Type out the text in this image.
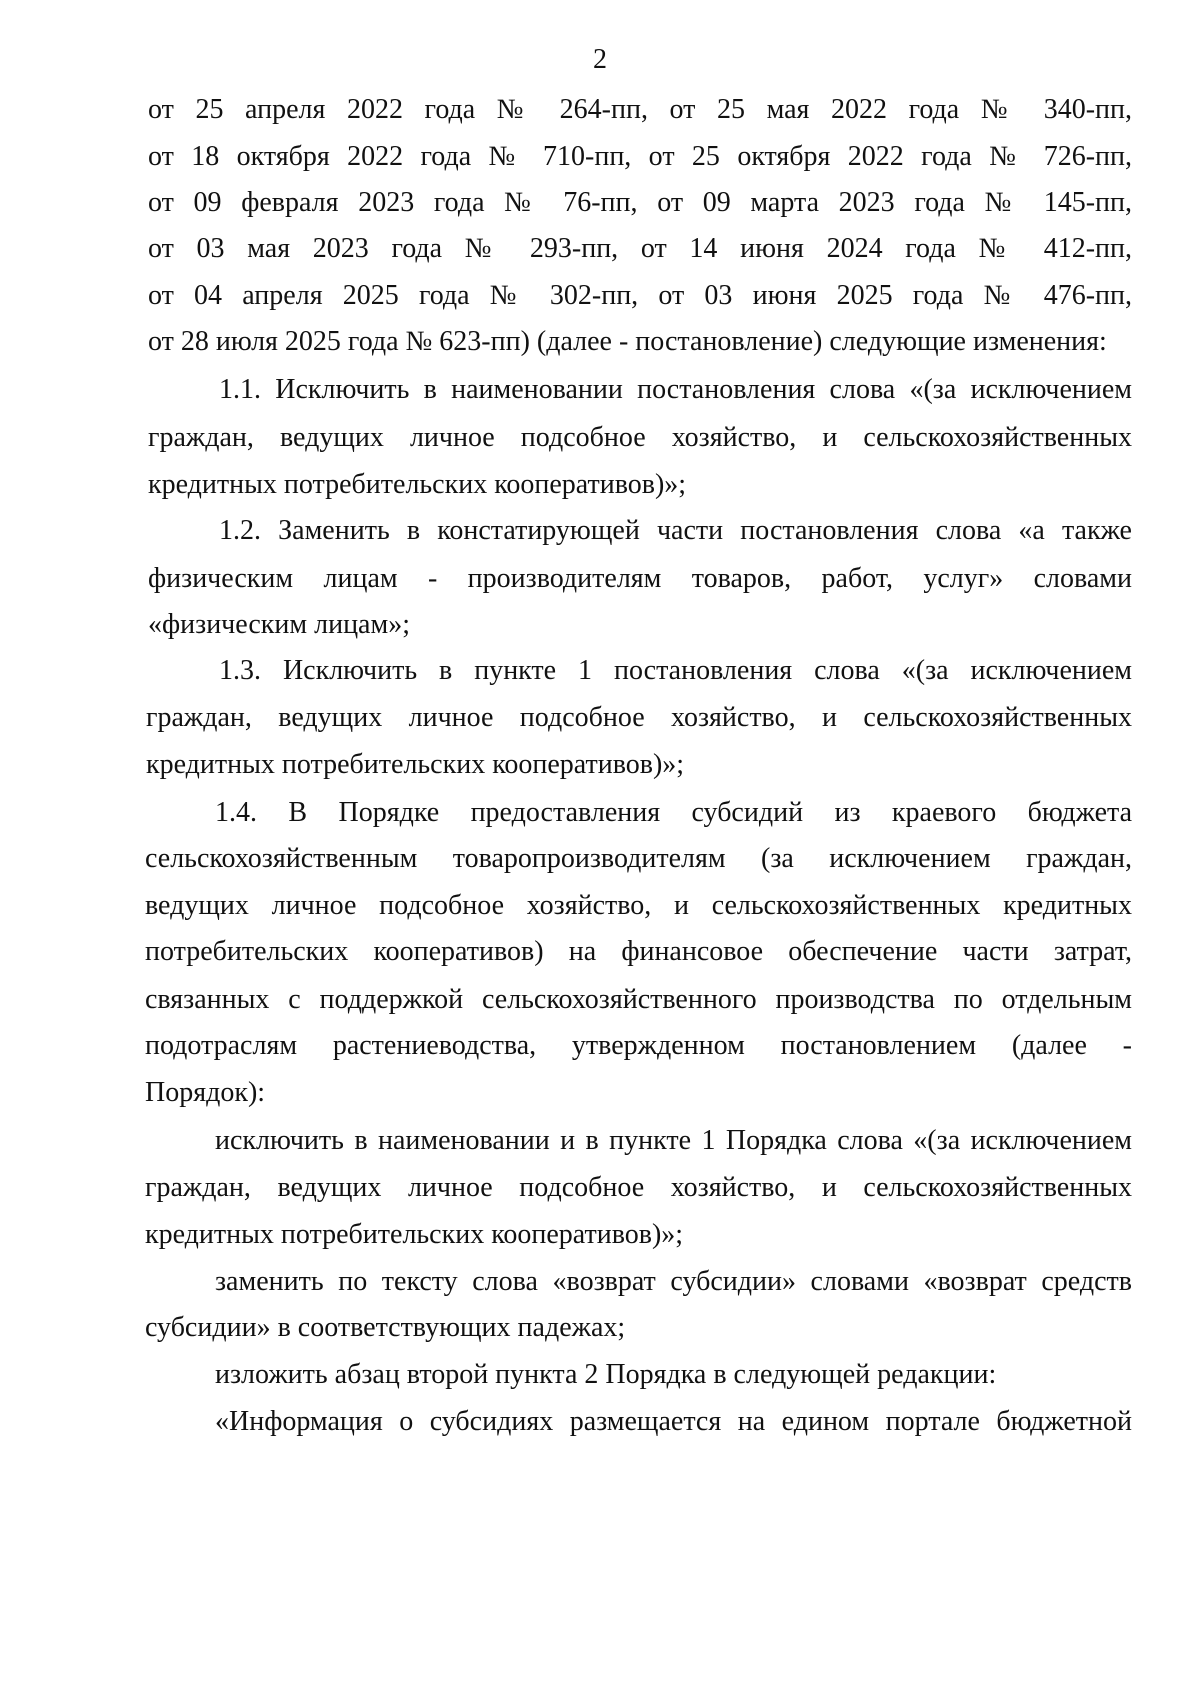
2
от 25 апреля 2022 года № 264-пп, от 25 мая 2022 года № 340-пп,
от 18 октября 2022 года № 710-пп, от 25 октября 2022 года № 726-пп,
от 09 февраля 2023 года № 76-пп, от 09 марта 2023 года № 145-пп,
от 03 мая 2023 года № 293-пп, от 14 июня 2024 года № 412-пп,
от 04 апреля 2025 года № 302-пп, от 03 июня 2025 года № 476-пп,
от 28 июля 2025 года № 623-пп) (далее - постановление) следующие изменения:
1.1. Исключить в наименовании постановления слова «(за исключением
граждан, ведущих личное подсобное хозяйство, и сельскохозяйственных
кредитных потребительских кооперативов)»;
1.2. Заменить в констатирующей части постановления слова «а также
физическим лицам - производителям товаров, работ, услуг» словами
«физическим лицам»;
1.3. Исключить в пункте 1 постановления слова «(за исключением
граждан, ведущих личное подсобное хозяйство, и сельскохозяйственных
кредитных потребительских кооперативов)»;
1.4. В Порядке предоставления субсидий из краевого бюджета
сельскохозяйственным товаропроизводителям (за исключением граждан,
ведущих личное подсобное хозяйство, и сельскохозяйственных кредитных
потребительских кооперативов) на финансовое обеспечение части затрат,
связанных с поддержкой сельскохозяйственного производства по отдельным
подотраслям растениеводства, утвержденном постановлением (далее -
Порядок):
исключить в наименовании и в пункте 1 Порядка слова «(за исключением
граждан, ведущих личное подсобное хозяйство, и сельскохозяйственных
кредитных потребительских кооперативов)»;
заменить по тексту слова «возврат субсидии» словами «возврат средств
субсидии» в соответствующих падежах;
изложить абзац второй пункта 2 Порядка в следующей редакции:
«Информация о субсидиях размещается на едином портале бюджетной
